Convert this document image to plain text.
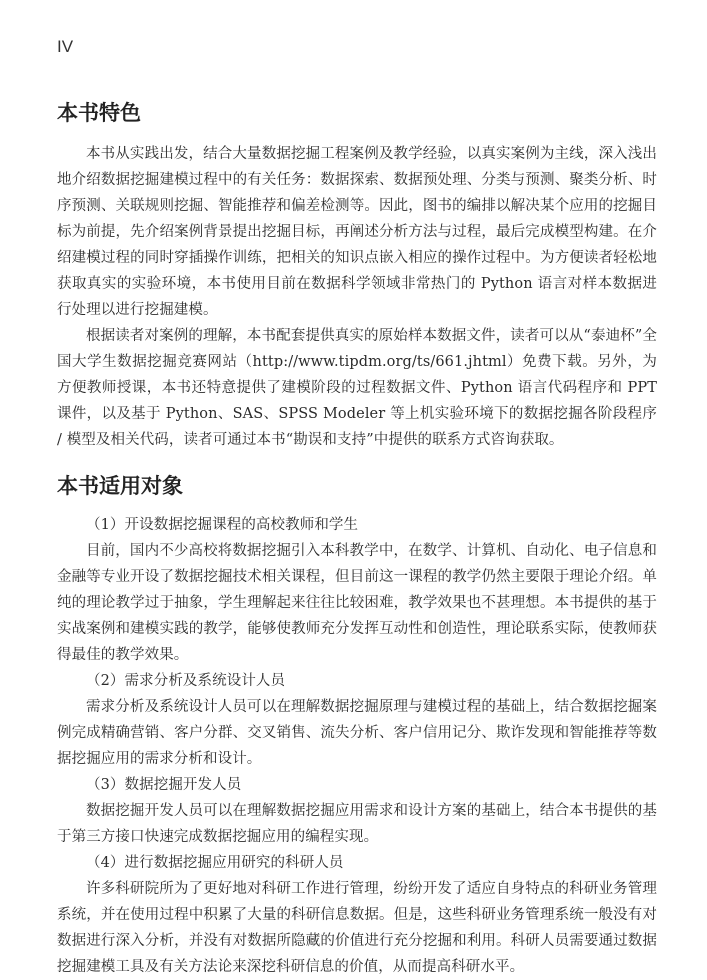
IV
本书特色

本书从实践出发，结合大量数据挖掘工程案例及教学经验，以真实案例为主线，深入浅出地介绍数据挖掘建模过程中的有关任务：数据探索、数据预处理、分类与预测、聚类分析、时序预测、关联规则挖掘、智能推荐和偏差检测等。因此，图书的编排以解决某个应用的挖掘目标为前提，先介绍案例背景提出挖掘目标，再阐述分析方法与过程，最后完成模型构建。在介绍建模过程的同时穿插操作训练，把相关的知识点嵌入相应的操作过程中。为方便读者轻松地获取真实的实验环境，本书使用目前在数据科学领域非常热门的 Python 语言对样本数据进行处理以进行挖掘建模。

根据读者对案例的理解，本书配套提供真实的原始样本数据文件，读者可以从“泰迪杯”全国大学生数据挖掘竞赛网站（http://www.tipdm.org/ts/661.jhtml）免费下载。另外，为方便教师授课，本书还特意提供了建模阶段的过程数据文件、Python 语言代码程序和 PPT 课件，以及基于 Python、SAS、SPSS Modeler 等上机实验环境下的数据挖掘各阶段程序 / 模型及相关代码，读者可通过本书“勘误和支持”中提供的联系方式咨询获取。

本书适用对象

（1）开设数据挖掘课程的高校教师和学生

目前，国内不少高校将数据挖掘引入本科教学中，在数学、计算机、自动化、电子信息和金融等专业开设了数据挖掘技术相关课程，但目前这一课程的教学仍然主要限于理论介绍。单纯的理论教学过于抽象，学生理解起来往往比较困难，教学效果也不甚理想。本书提供的基于实战案例和建模实践的教学，能够使教师充分发挥互动性和创造性，理论联系实际，使教师获得最佳的教学效果。

（2）需求分析及系统设计人员

需求分析及系统设计人员可以在理解数据挖掘原理与建模过程的基础上，结合数据挖掘案例完成精确营销、客户分群、交叉销售、流失分析、客户信用记分、欺诈发现和智能推荐等数据挖掘应用的需求分析和设计。

（3）数据挖掘开发人员

数据挖掘开发人员可以在理解数据挖掘应用需求和设计方案的基础上，结合本书提供的基于第三方接口快速完成数据挖掘应用的编程实现。

（4）进行数据挖掘应用研究的科研人员

许多科研院所为了更好地对科研工作进行管理，纷纷开发了适应自身特点的科研业务管理系统，并在使用过程中积累了大量的科研信息数据。但是，这些科研业务管理系统一般没有对数据进行深入分析，并没有对数据所隐藏的价值进行充分挖掘和利用。科研人员需要通过数据挖掘建模工具及有关方法论来深挖科研信息的价值，从而提高科研水平。
